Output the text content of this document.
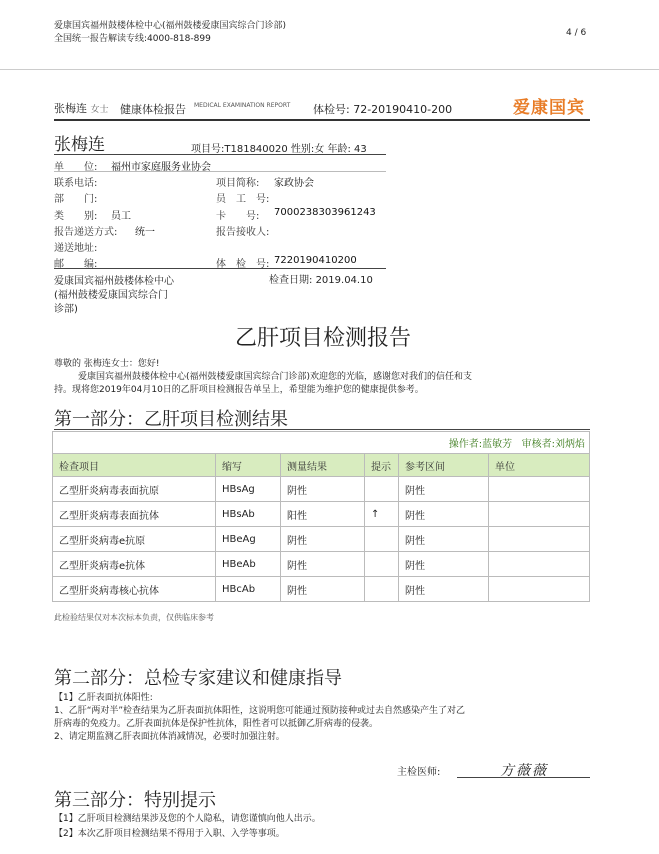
爱康国宾福州鼓楼体检中心(福州鼓楼爱康国宾综合门诊部)
全国统一报告解读专线:4000-818-899
4 / 6
张梅连 女士 健康体检报告 MEDICAL EXAMINATION REPORT 体检号: 72-20190410-200	爱康国宾
张梅连	项目号:T181840020 性别:女 年龄: 43
单　　位: 福州市家庭服务业协会
联系电话:	项目简称: 家政协会
部　　门:	员　工　号:
类　　别: 员工	卡　　号: 7000238303961243
报告递送方式: 统一	报告接收人:
递送地址:
邮　　编:	体　检　号: 7220190410200
爱康国宾福州鼓楼体检中心
(福州鼓楼爱康国宾综合门
诊部)
检查日期: 2019.04.10
乙肝项目检测报告
尊敬的 张梅连女士：您好!
爱康国宾福州鼓楼体检中心(福州鼓楼爱康国宾综合门诊部)欢迎您的光临，感谢您对我们的信任和支
持。现将您2019年04月10日的乙肝项目检测报告单呈上，希望能为维护您的健康提供参考。
第一部分：乙肝项目检测结果
操作者:蓝敏芳 审核者:刘炳焰					
检查项目	缩写	测量结果	提示	参考区间	单位
乙型肝炎病毒表面抗原	HBsAg	阴性		阴性	
乙型肝炎病毒表面抗体	HBsAb	阳性	↑	阴性	
乙型肝炎病毒e抗原	HBeAg	阴性		阴性	
乙型肝炎病毒e抗体	HBeAb	阴性		阴性	
乙型肝炎病毒核心抗体	HBcAb	阴性		阴性	
此检验结果仅对本次标本负责，仅供临床参考
第二部分：总检专家建议和健康指导
【1】乙肝表面抗体阳性:
1、乙肝“两对半”检查结果为乙肝表面抗体阳性，这说明您可能通过预防接种或过去自然感染产生了对乙
肝病毒的免疫力。乙肝表面抗体是保护性抗体，阳性者可以抵御乙肝病毒的侵袭。
2、请定期监测乙肝表面抗体消减情况，必要时加强注射。
主检医师:	方薇薇
第三部分：特别提示
【1】乙肝项目检测结果涉及您的个人隐私，请您谨慎向他人出示。
【2】本次乙肝项目检测结果不得用于入职、入学等事项。
